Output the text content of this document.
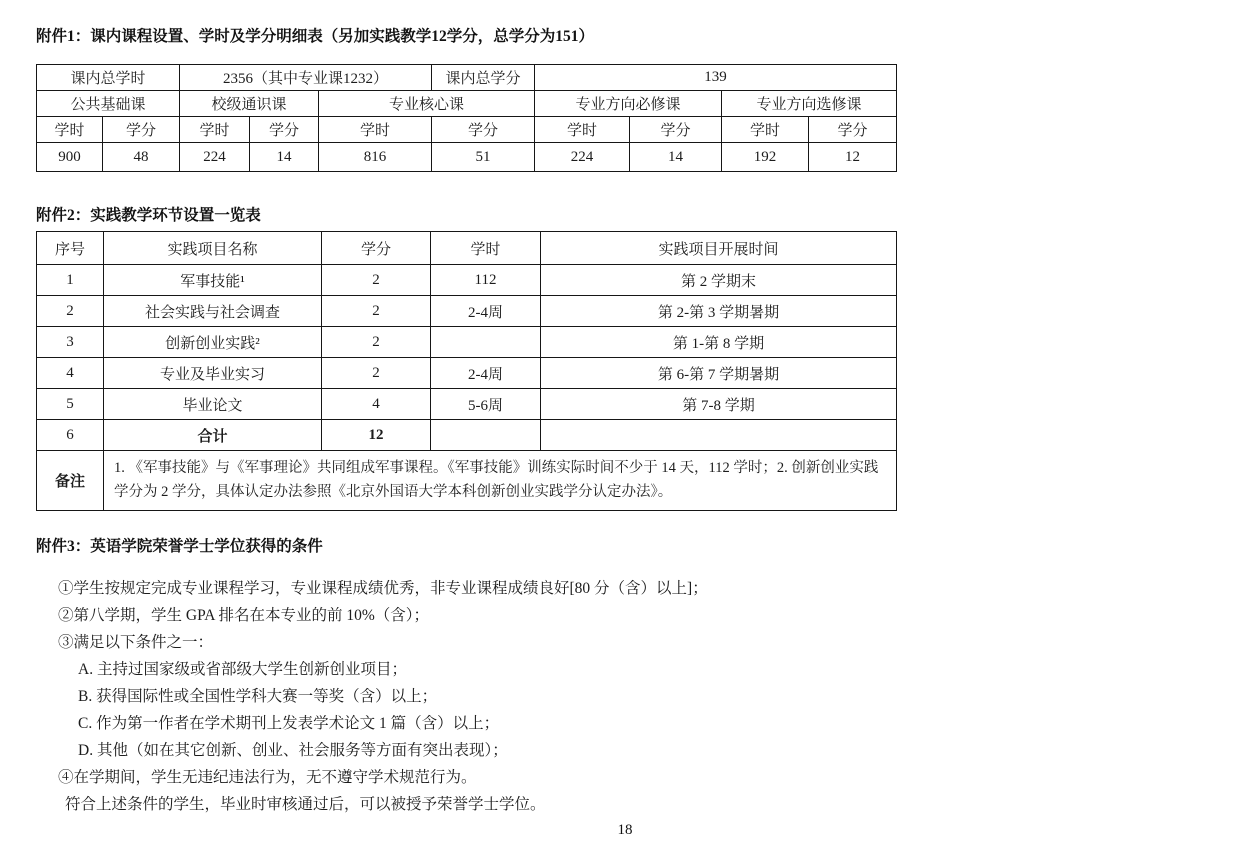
附件1：课内课程设置、学时及学分明细表（另加实践教学12学分，总学分为151）
课内总学时		2356（其中专业课1232）			课内总学分	139			
公共基础课		校级通识课		专业核心课		专业方向必修课		专业方向选修课	
学时	学分	学时	学分	学时	学分	学时	学分	学时	学分
900	48	224	14	816	51	224	14	192	12
附件2：实践教学环节设置一览表
序号	实践项目名称	学分	学时	实践项目开展时间
1	军事技能¹	2	112	第 2 学期末
2	社会实践与社会调查	2	2-4周	第 2-第 3 学期暑期
3	创新创业实践²	2		第 1-第 8 学期
4	专业及毕业实习	2	2-4周	第 6-第 7 学期暑期
5	毕业论文	4	5-6周	第 7-8 学期
6	合计	12		
备注	1. 《军事技能》与《军事理论》共同组成军事课程。《军事技能》训练实际时间不少于 14 天，112 学时；2. 创新创业实践学分为 2 学分，具体认定办法参照《北京外国语大学本科创新创业实践学分认定办法》。			
附件3：英语学院荣誉学士学位获得的条件
①学生按规定完成专业课程学习，专业课程成绩优秀，非专业课程成绩良好[80 分（含）以上]；
②第八学期，学生 GPA 排名在本专业的前 10%（含）；
③满足以下条件之一：
A. 主持过国家级或省部级大学生创新创业项目；
B. 获得国际性或全国性学科大赛一等奖（含）以上；
C. 作为第一作者在学术期刊上发表学术论文 1 篇（含）以上；
D. 其他（如在其它创新、创业、社会服务等方面有突出表现）；
④在学期间，学生无违纪违法行为，无不遵守学术规范行为。
符合上述条件的学生，毕业时审核通过后，可以被授予荣誉学士学位。
18
